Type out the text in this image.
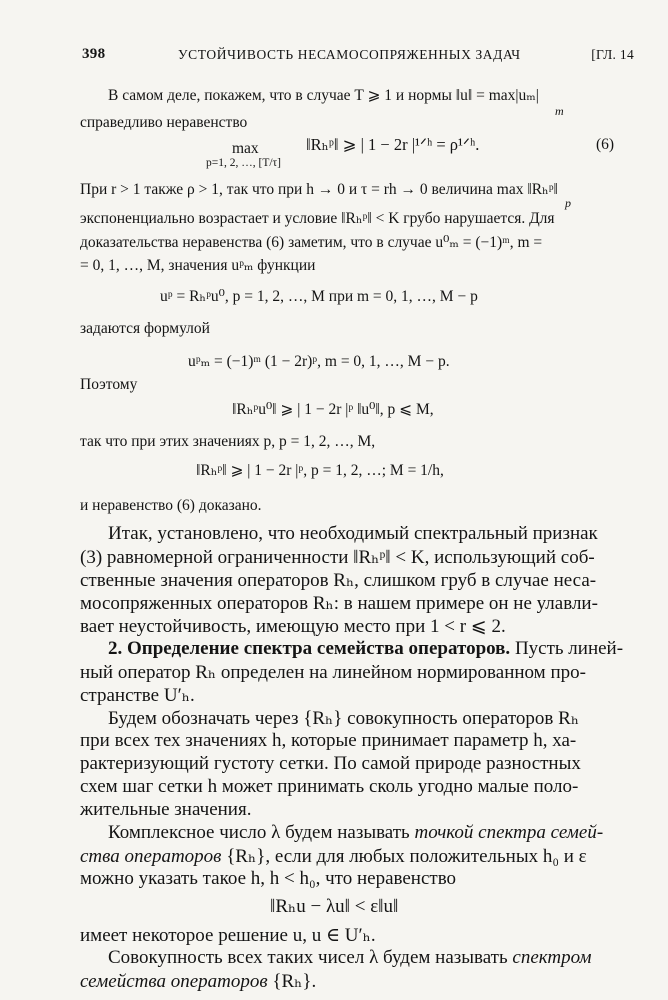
398	УСТОЙЧИВОСТЬ НЕСАМОСОПРЯЖЕННЫХ ЗАДАЧ	[ГЛ. 14
В самом деле, покажем, что в случае T ⩾ 1 и нормы ‖u‖ = max|uₘ|
m
справедливо неравенство
max	‖Rₕᵖ‖ ⩾ | 1 − 2r |¹ᐟʰ = ρ¹ᐟʰ.
p=1, 2, …, [T/τ]
(6)
При r > 1 также ρ > 1, так что при h → 0 и τ = rh → 0 величина max ‖Rₕᵖ‖
p
экспоненциально возрастает и условие ‖Rₕᵖ‖ < K грубо нарушается. Для
доказательства неравенства (6) заметим, что в случае u⁰ₘ = (−1)ᵐ, m =
= 0, 1, …, M, значения uᵖₘ функции
uᵖ = Rₕᵖu⁰, p = 1, 2, …, M при m = 0, 1, …, M − p
задаются формулой
uᵖₘ = (−1)ᵐ (1 − 2r)ᵖ, m = 0, 1, …, M − p.
Поэтому
‖Rₕᵖu⁰‖ ⩾ | 1 − 2r |ᵖ ‖u⁰‖, p ⩽ M,
так что при этих значениях p, p = 1, 2, …, M,
‖Rₕᵖ‖ ⩾ | 1 − 2r |ᵖ, p = 1, 2, …; M = 1/h,
и неравенство (6) доказано.
Итак, установлено, что необходимый спектральный признак
(3) равномерной ограниченности ‖Rₕᵖ‖ < K, использующий соб-
ственные значения операторов Rₕ, слишком груб в случае неса-
мосопряженных операторов Rₕ: в нашем примере он не улавли-
вает неустойчивость, имеющую место при 1 < r ⩽ 2.
2. Определение спектра семейства операторов. Пусть линей-
ный оператор Rₕ определен на линейном нормированном про-
странстве U′ₕ.
Будем обозначать через {Rₕ} совокупность операторов Rₕ
при всех тех значениях h, которые принимает параметр h, ха-
рактеризующий густоту сетки. По самой природе разностных
схем шаг сетки h может принимать сколь угодно малые поло-
жительные значения.
Комплексное число λ будем называть точкой спектра семей-
ства операторов {Rₕ}, если для любых положительных h₀ и ε
можно указать такое h, h < h₀, что неравенство
‖Rₕu − λu‖ < ε‖u‖
имеет некоторое решение u, u ∈ U′ₕ.
Совокупность всех таких чисел λ будем называть спектром
семейства операторов {Rₕ}.
